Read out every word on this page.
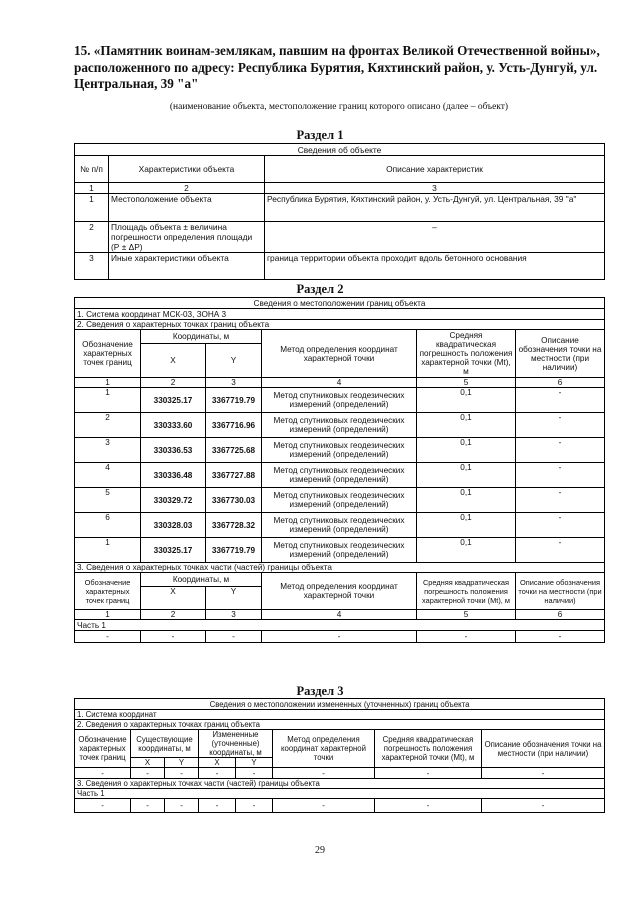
15. «Памятник воинам-землякам, павшим на фронтах Великой Отечественной войны», расположенного по адресу: Республика Бурятия, Кяхтинский район, у. Усть-Дунгуй, ул. Центральная, 39 "а"
(наименование объекта, местоположение границ которого описано (далее – объект)
Раздел 1
Сведения об объекте		
№ п/п	Характеристики объекта	Описание характеристик
1	2	3
1	Местоположение объекта	Республика Бурятия, Кяхтинский район, у. Усть-Дунгуй, ул. Центральная, 39 "а"
2	Площадь объекта ± величина погрешности определения площади (Р ± ΔР)	–
3	Иные характеристики объекта	граница территории объекта проходит вдоль бетонного основания
Раздел 2
Сведения о местоположении границ объекта					
1. Система координат МСК-03, ЗОНА 3					
2. Сведения о характерных точках границ объекта					
Обозначение характерных точек границ	Координаты, м		Метод определения координат характерной точки	Средняя квадратическая погрешность положения характерной точки (Mt), м	Описание обозначения точки на местности (при наличии)
	X	Y			
1	2	3	4	5	6
1	330325.17	3367719.79	Метод спутниковых геодезических измерений (определений)	0,1	-
2	330333.60	3367716.96	Метод спутниковых геодезических измерений (определений)	0,1	-
3	330336.53	3367725.68	Метод спутниковых геодезических измерений (определений)	0,1	-
4	330336.48	3367727.88	Метод спутниковых геодезических измерений (определений)	0,1	-
5	330329.72	3367730.03	Метод спутниковых геодезических измерений (определений)	0,1	-
6	330328.03	3367728.32	Метод спутниковых геодезических измерений (определений)	0,1	-
1	330325.17	3367719.79	Метод спутниковых геодезических измерений (определений)	0,1	-
3. Сведения о характерных точках части (частей) границы объекта					
Обозначение характерных точек границ	Координаты, м		Метод определения координат характерной точки	Средняя квадратическая погрешность положения характерной точки (Mt), м	Описание обозначения точки на местности (при наличии)
	X	Y			
1	2	3	4	5	6
Часть 1					
-	-	-	-	-	-
Раздел 3
Сведения о местоположении измененных (уточненных) границ объекта							
1. Система координат							
2. Сведения о характерных точках границ объекта							
Обозначение характерных точек границ	Существующие координаты, м		Измененные (уточненные) координаты, м		Метод определения координат характерной точки	Средняя квадратическая погрешность положения характерной точки (Mt), м	Описание обозначения точки на местности (при наличии)
	X	Y	X	Y			
-	-	-	-	-	-	-	-
3. Сведения о характерных точках части (частей) границы объекта							
Часть 1							
-	-	-	-	-	-	-	-
29
